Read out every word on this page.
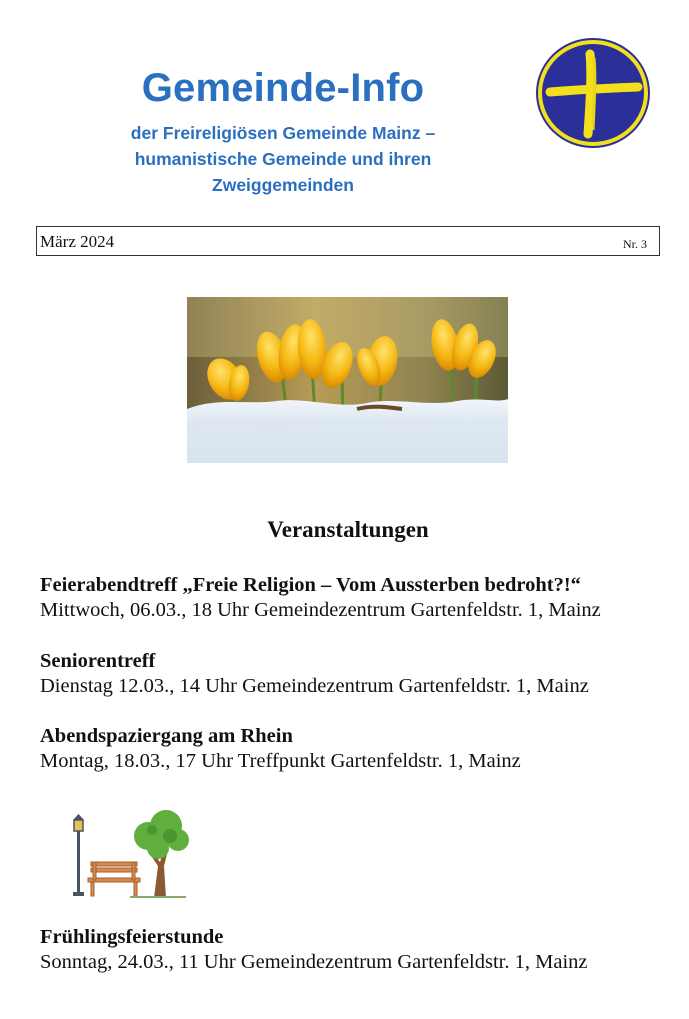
Gemeinde-Info
der Freireligiösen Gemeinde Mainz –
humanistische Gemeinde und ihren
Zweiggemeinden
März 2024	Nr. 3
Veranstaltungen
Feierabendtreff „Freie Religion – Vom Aussterben bedroht?!“
Mittwoch, 06.03., 18 Uhr Gemeindezentrum Gartenfeldstr. 1, Mainz
Seniorentreff
Dienstag 12.03., 14 Uhr Gemeindezentrum Gartenfeldstr. 1, Mainz
Abendspaziergang am Rhein
Montag, 18.03., 17 Uhr Treffpunkt Gartenfeldstr. 1, Mainz
Frühlingsfeierstunde
Sonntag, 24.03., 11 Uhr Gemeindezentrum Gartenfeldstr. 1, Mainz
